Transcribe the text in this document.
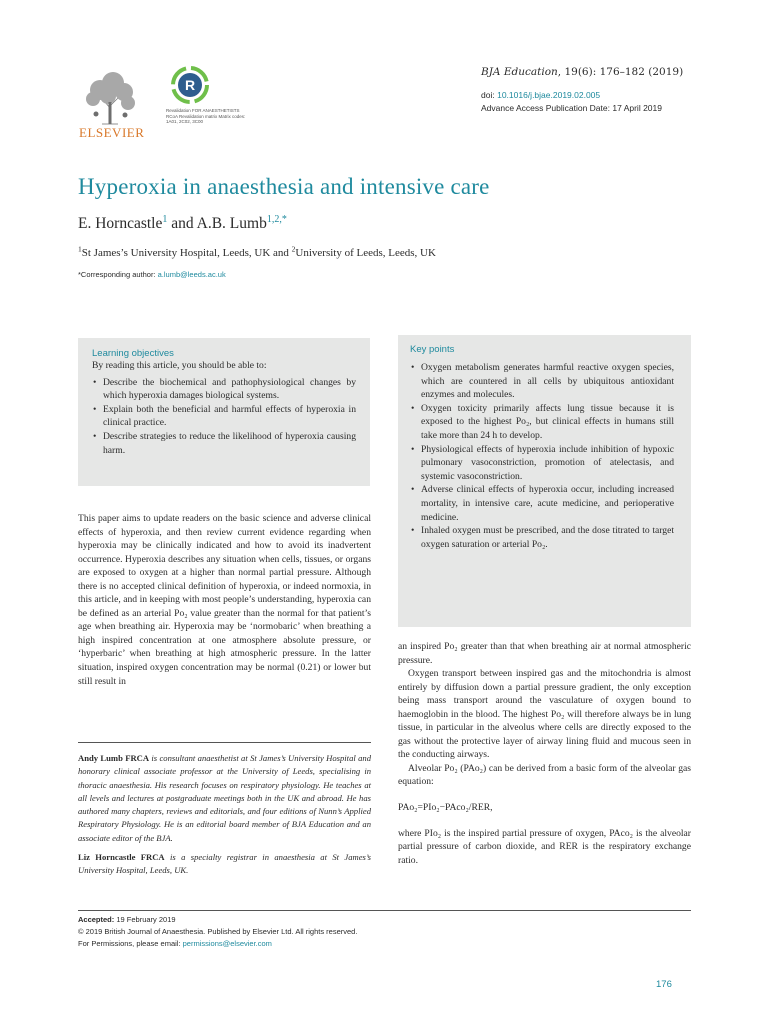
BJA Education, 19(6): 176–182 (2019)
doi: 10.1016/j.bjae.2019.02.005
Advance Access Publication Date: 17 April 2019
ELSEVIER
R
Revalidation FOR ANAESTHETISTS RCoA Revalidation matrix Matrix codes: 1A01, 2C02, 3C00
Hyperoxia in anaesthesia and intensive care
E. Horncastle$^1$ and A.B. Lumb$^{1,2,*}$
$^1$St James’s University Hospital, Leeds, UK and $^2$University of Leeds, Leeds, UK
*Corresponding author: a.lumb@leeds.ac.uk
Learning objectives
By reading this article, you should be able to:
• Describe the biochemical and pathophysiological changes by which hyperoxia damages biological systems.
• Explain both the beneficial and harmful effects of hyperoxia in clinical practice.
• Describe strategies to reduce the likelihood of hyperoxia causing harm.
Key points
• Oxygen metabolism generates harmful reactive oxygen species, which are countered in all cells by ubiquitous antioxidant enzymes and molecules.
• Oxygen toxicity primarily affects lung tissue because it is exposed to the highest Po₂, but clinical effects in humans still take more than 24 h to develop.
• Physiological effects of hyperoxia include inhibition of hypoxic pulmonary vasoconstriction, promotion of atelectasis, and systemic vasoconstriction.
• Adverse clinical effects of hyperoxia occur, including increased mortality, in intensive care, acute medicine, and perioperative medicine.
• Inhaled oxygen must be prescribed, and the dose titrated to target oxygen saturation or arterial Po₂.
This paper aims to update readers on the basic science and adverse clinical effects of hyperoxia, and then review current evidence regarding when hyperoxia may be clinically indicated and how to avoid its inadvertent occurrence. Hyperoxia describes any situation when cells, tissues, or organs are exposed to oxygen at a higher than normal partial pressure. Although there is no accepted clinical definition of hyperoxia, or indeed normoxia, in this article, and in keeping with most people’s understanding, hyperoxia can be defined as an arterial Po₂ value greater than the normal for that patient’s age when breathing air. Hyperoxia may be ‘normobaric’ when breathing a high inspired concentration at one atmosphere absolute pressure, or ‘hyperbaric’ when breathing at high atmospheric pressure. In the latter situation, inspired oxygen concentration may be normal (0.21) or lower but still result in
an inspired Po₂ greater than that when breathing air at normal atmospheric pressure.
Oxygen transport between inspired gas and the mitochondria is almost entirely by diffusion down a partial pressure gradient, the only exception being mass transport around the vasculature of oxygen bound to haemoglobin in the blood. The highest Po₂ will therefore always be in lung tissue, in particular in the alveolus where cells are directly exposed to the gas without the protective layer of airway lining fluid and mucous seen in the conducting airways.
Alveolar Po₂ (PAo₂) can be derived from a basic form of the alveolar gas equation:
PAo₂=PIo₂−PAco₂/RER,
where PIo₂ is the inspired partial pressure of oxygen, PAco₂ is the alveolar partial pressure of carbon dioxide, and RER is the respiratory exchange ratio.
Andy Lumb FRCA is consultant anaesthetist at St James’s University Hospital and honorary clinical associate professor at the University of Leeds, specialising in thoracic anaesthesia. His research focuses on respiratory physiology. He teaches at all levels and lectures at postgraduate meetings both in the UK and abroad. He has authored many chapters, reviews and editorials, and four editions of Nunn’s Applied Respiratory Physiology. He is an editorial board member of BJA Education and an associate editor of the BJA.
Liz Horncastle FRCA is a specialty registrar in anaesthesia at St James’s University Hospital, Leeds, UK.
Accepted: 19 February 2019
© 2019 British Journal of Anaesthesia. Published by Elsevier Ltd. All rights reserved.
For Permissions, please email: permissions@elsevier.com
176
